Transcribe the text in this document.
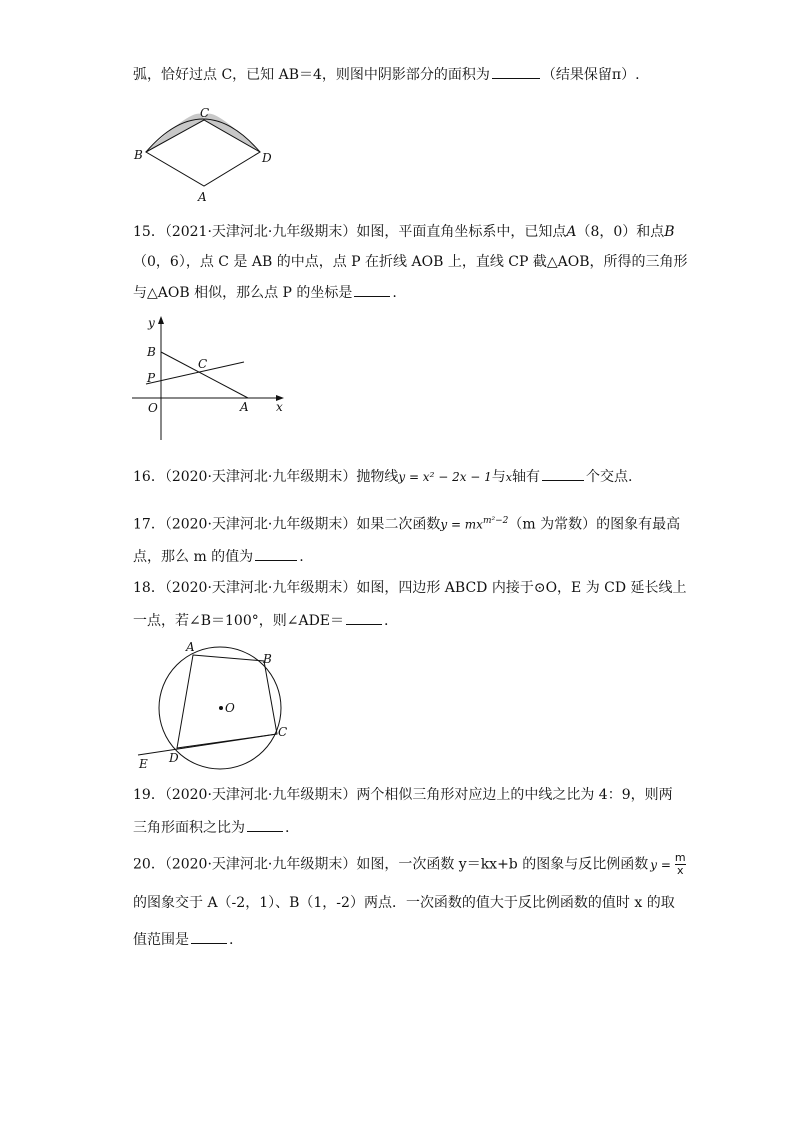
弧，恰好过点 C，已知 AB＝4，则图中阴影部分的面积为	（结果保留π）.
C
B	D
A
15．（2021·天津河北·九年级期末）如图，平面直角坐标系中，已知点A（8，0）和点B
（0，6），点 C 是 AB 的中点，点 P 在折线 AOB 上，直线 CP 截△AOB，所得的三角形
与△AOB 相似，那么点 P 的坐标是	.
y
B
C
P
O	A x
16．（2020·天津河北·九年级期末）抛物线y = x² − 2x − 1与x轴有	个交点.
17．（2020·天津河北·九年级期末）如果二次函数$y = mx^{m^2-2}(m$ 为常数）的图象有最高
点，那么 m 的值为	.
18．（2020·天津河北·九年级期末）如图，四边形 ABCD 内接于⊙O，E 为 CD 延长线上
一点，若∠B＝100°，则∠ADE＝	.
A
B
O
C
D
E
19．（2020·天津河北·九年级期末）两个相似三角形对应边上的中线之比为 4：9，则两
三角形面积之比为	.
20．（2020·天津河北·九年级期末）如图，一次函数 y＝kx+b 的图象与反比例函数 $y = \frac{m}{x}$
的图象交于 A（-2，1）、B（1，-2）两点．一次函数的值大于反比例函数的值时 x 的取
值范围是	.
